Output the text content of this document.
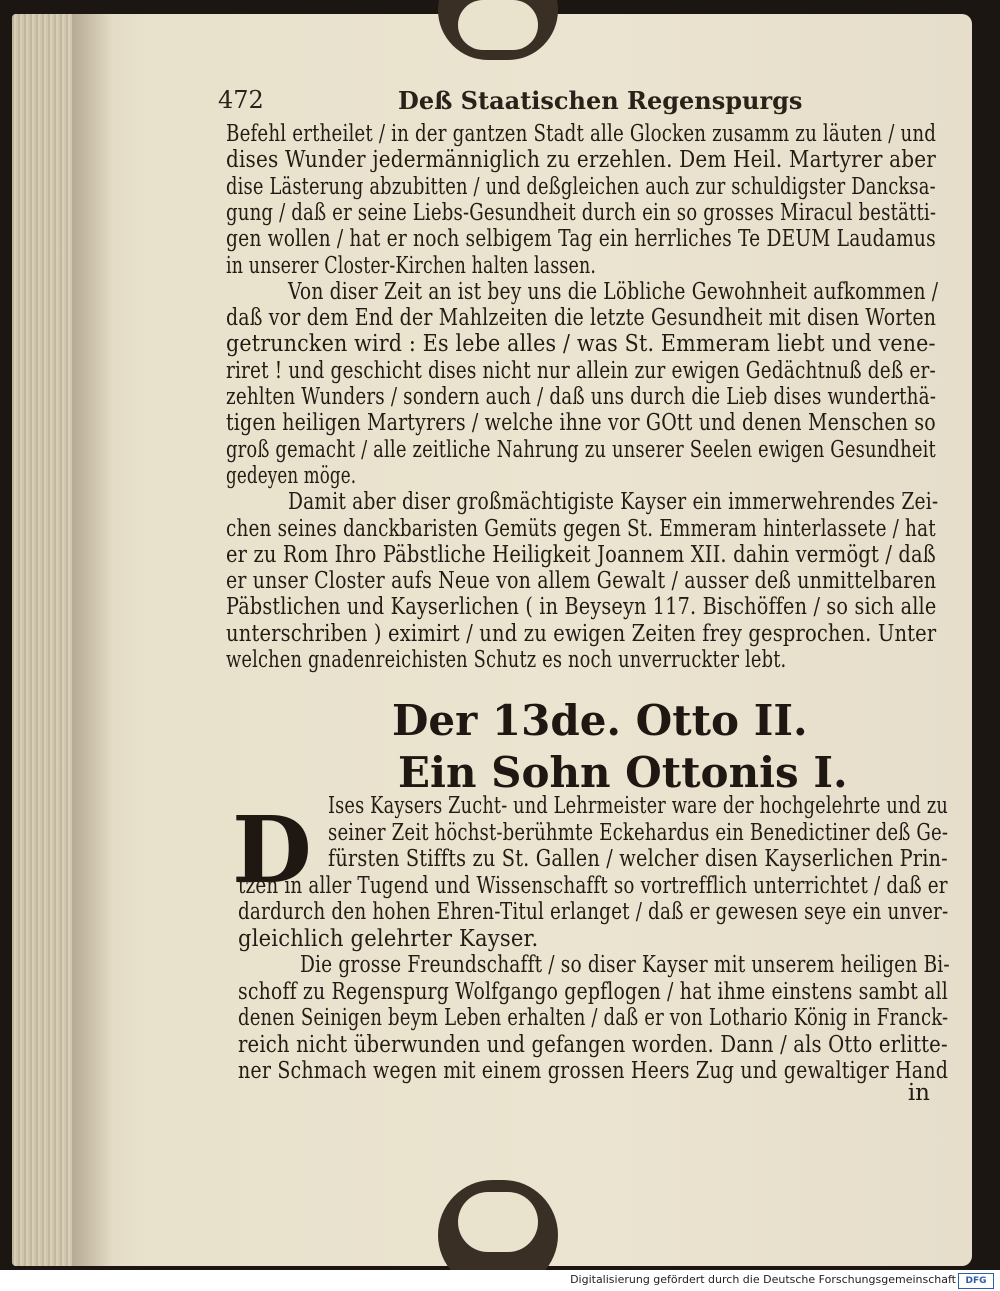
472	Deß Staatischen Regenspurgs
Befehl ertheilet / in der gantzen Stadt alle Glocken zusamm zu läuten / und
dises Wunder jedermänniglich zu erzehlen. Dem Heil. Martyrer aber
dise Lästerung abzubitten / und deßgleichen auch zur schuldigster Dancksa-
gung / daß er seine Liebs-Gesundheit durch ein so grosses Miracul bestätti-
gen wollen / hat er noch selbigem Tag ein herrliches Te DEUM Laudamus
in unserer Closter-Kirchen halten lassen.
Von diser Zeit an ist bey uns die Löbliche Gewohnheit aufkommen /
daß vor dem End der Mahlzeiten die letzte Gesundheit mit disen Worten
getruncken wird : Es lebe alles / was St. Emmeram liebt und vene-
riret ! und geschicht dises nicht nur allein zur ewigen Gedächtnuß deß er-
zehlten Wunders / sondern auch / daß uns durch die Lieb dises wunderthä-
tigen heiligen Martyrers / welche ihne vor GOtt und denen Menschen so
groß gemacht / alle zeitliche Nahrung zu unserer Seelen ewigen Gesundheit
gedeyen möge.
Damit aber diser großmächtigiste Kayser ein immerwehrendes Zei-
chen seines danckbaristen Gemüts gegen St. Emmeram hinterlassete / hat
er zu Rom Ihro Päbstliche Heiligkeit Joannem XII. dahin vermögt / daß
er unser Closter aufs Neue von allem Gewalt / ausser deß unmittelbaren
Päbstlichen und Kayserlichen ( in Beyseyn 117. Bischöffen / so sich alle
unterschriben ) eximirt / und zu ewigen Zeiten frey gesprochen. Unter
welchen gnadenreichisten Schutz es noch unverruckter lebt.
Der 13de. Otto II.
Ein Sohn Ottonis I.
D Ises Kaysers Zucht- und Lehrmeister ware der hochgelehrte und zu
seiner Zeit höchst-berühmte Eckehardus ein Benedictiner deß Ge-
fürsten Stiffts zu St. Gallen / welcher disen Kayserlichen Prin-
tzen in aller Tugend und Wissenschafft so vortrefflich unterrichtet / daß er
dardurch den hohen Ehren-Titul erlanget / daß er gewesen seye ein unver-
gleichlich gelehrter Kayser.
Die grosse Freundschafft / so diser Kayser mit unserem heiligen Bi-
schoff zu Regenspurg Wolfgango gepflogen / hat ihme einstens sambt all
denen Seinigen beym Leben erhalten / daß er von Lothario König in Franck-
reich nicht überwunden und gefangen worden. Dann / als Otto erlitte-
ner Schmach wegen mit einem grossen Heers Zug und gewaltiger Hand
in
Digitalisierung gefördert durch die Deutsche Forschungsgemeinschaft	DFG
